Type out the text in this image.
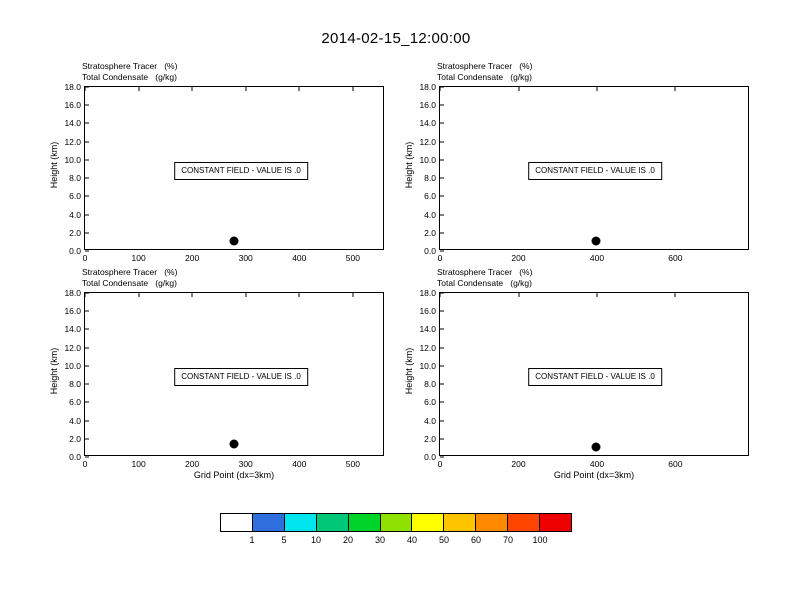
2014-02-15_12:00:00
Stratosphere Tracer   (%)
Total Condensate   (g/kg)
Height (km)
0.0
2.0
4.0
6.0
8.0
10.0
12.0
14.0
16.0
18.0
0	100	200	300	400	500
CONSTANT FIELD - VALUE IS .0
Stratosphere Tracer   (%)
Total Condensate   (g/kg)
Height (km)
0.0
2.0
4.0
6.0
8.0
10.0
12.0
14.0
16.0
18.0
0	200	400	600
CONSTANT FIELD - VALUE IS .0
Stratosphere Tracer   (%)
Total Condensate   (g/kg)
Height (km)
0.0
2.0
4.0
6.0
8.0
10.0
12.0
14.0
16.0
18.0
0	100	200	300	400	500
CONSTANT FIELD - VALUE IS .0
Grid Point (dx=3km)
Stratosphere Tracer   (%)
Total Condensate   (g/kg)
Height (km)
0.0
2.0
4.0
6.0
8.0
10.0
12.0
14.0
16.0
18.0
0	200	400	600
CONSTANT FIELD - VALUE IS .0
Grid Point (dx=3km)
1	5	10 20 30 40 50 60 70 100
